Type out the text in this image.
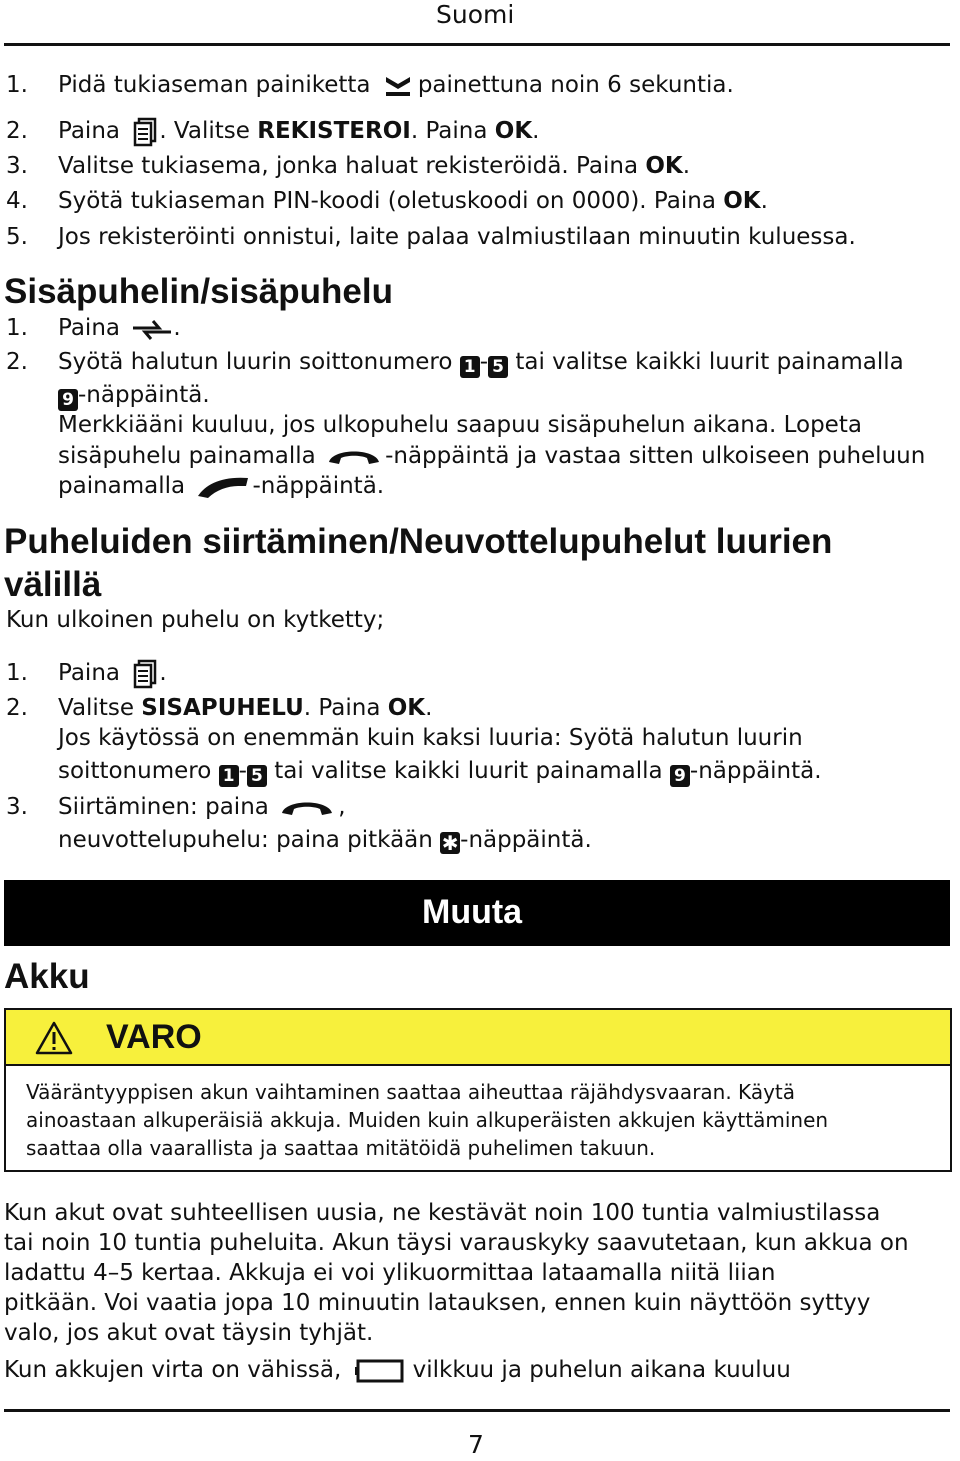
Suomi
1. Pidä tukiaseman painiketta painettuna noin 6 sekuntia.
2. Paina . Valitse REKISTEROI. Paina OK.
3. Valitse tukiasema, jonka haluat rekisteröidä. Paina OK.
4. Syötä tukiaseman PIN-koodi (oletuskoodi on 0000). Paina OK.
5. Jos rekisteröinti onnistui, laite palaa valmiustilaan minuutin kuluessa.
Sisäpuhelin/sisäpuhelu
1. Paina .
2. Syötä halutun luurin soittonumero 1 - 5 tai valitse kaikki luurit painamalla
9 -näppäintä.
Merkkiääni kuuluu, jos ulkopuhelu saapuu sisäpuhelun aikana. Lopeta
sisäpuhelu painamalla	-näppäintä ja vastaa sitten ulkoiseen puheluun
painamalla	-näppäintä.
Puheluiden siirtäminen/Neuvottelupuhelut luurien
välillä
Kun ulkoinen puhelu on kytketty;
1. Paina .
2. Valitse SISAPUHELU. Paina OK.
Jos käytössä on enemmän kuin kaksi luuria: Syötä halutun luurin
soittonumero 1 - 5 tai valitse kaikki luurit painamalla 9 -näppäintä.
3. Siirtäminen: paina	,
neuvottelupuhelu: paina pitkään ✱-näppäintä.
Muuta
Akku
VARO
Vääräntyyppisen akun vaihtaminen saattaa aiheuttaa räjähdysvaaran. Käytä
ainoastaan alkuperäisiä akkuja. Muiden kuin alkuperäisten akkujen käyttäminen
saattaa olla vaarallista ja saattaa mitätöidä puhelimen takuun.
Kun akut ovat suhteellisen uusia, ne kestävät noin 100 tuntia valmiustilassa
tai noin 10 tuntia puheluita. Akun täysi varauskyky saavutetaan, kun akkua on
ladattu 4–5 kertaa. Akkuja ei voi ylikuormittaa lataamalla niitä liian
pitkään. Voi vaatia jopa 10 minuutin latauksen, ennen kuin näyttöön syttyy
valo, jos akut ovat täysin tyhjät.
Kun akkujen virta on vähissä,	vilkkuu ja puhelun aikana kuuluu
7
